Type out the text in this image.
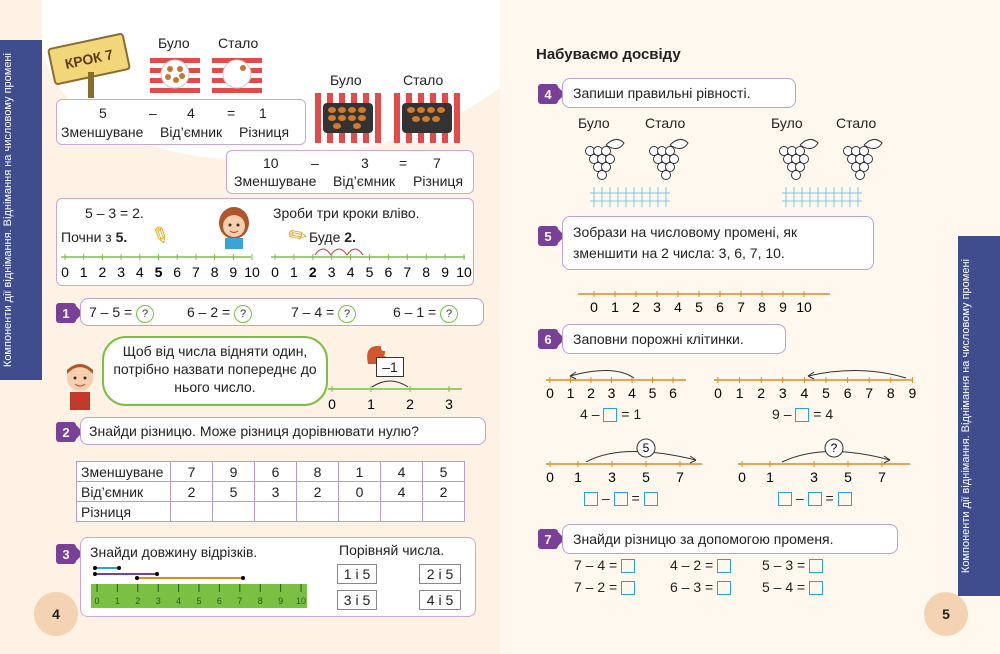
Компоненти дії віднімання. Віднімання на числовому промені	КРОК 7
Було Стало
Було	Стало
5	– 4 = 1
Зменшуване Від’ємник Різниця
10 –	3 = 7
Зменшуване Від’ємник Різниця
5 – 3 = 2.
Почни з 5. ✎
Зроби три кроки вліво.
✎
Буде 2.
0 1 2 3 4 5 6 7 8 9 10 0 1 2 3 4 5 6 7 8 9 10
1	7 – 5 = ?	6 – 2 = ?	7 – 4 = ?	6 – 1 = ?
Щоб від числа відняти один, потрібно назвати попереднє до нього число.
–1
0 1 2 3
2	Знайди різницю. Може різниця дорівнювати нулю?
Зменшуване	7	9	6	8	1	4	5
Від’ємник	2	5	3	2	0	4	2
Різниця							
3	Знайди довжину відрізків.	Порівняй числа.
0 1 2 3 4 5 6 7 8 9 10
1 і 5	2 і 5
3 і 5	4 і 5
4
Компоненти дії віднімання. Віднімання на числовому промені
Набуваємо досвіду
4	Запиши правильні рівності.
Було	Стало	Було Стало
5	Зобрази на числовому промені, як
зменшити на 2 числа: 3, 6, 7, 10.
0 1 2 3 4 5 6 7 8 9 10
6	Заповни порожні клітинки.
0 1 2 3 4 5 6
4 – = 1
0 1 2 3 4 5 6 7 8 9
9 – = 4
5
0 1 3 5 7
– =
?
0 1	3 5 7
– =
7	Знайди різницю за допомогою променя.
7 – 4 =	4 – 2 =	5 – 3 =
7 – 2 =	6 – 3 =	5 – 4 =
5
